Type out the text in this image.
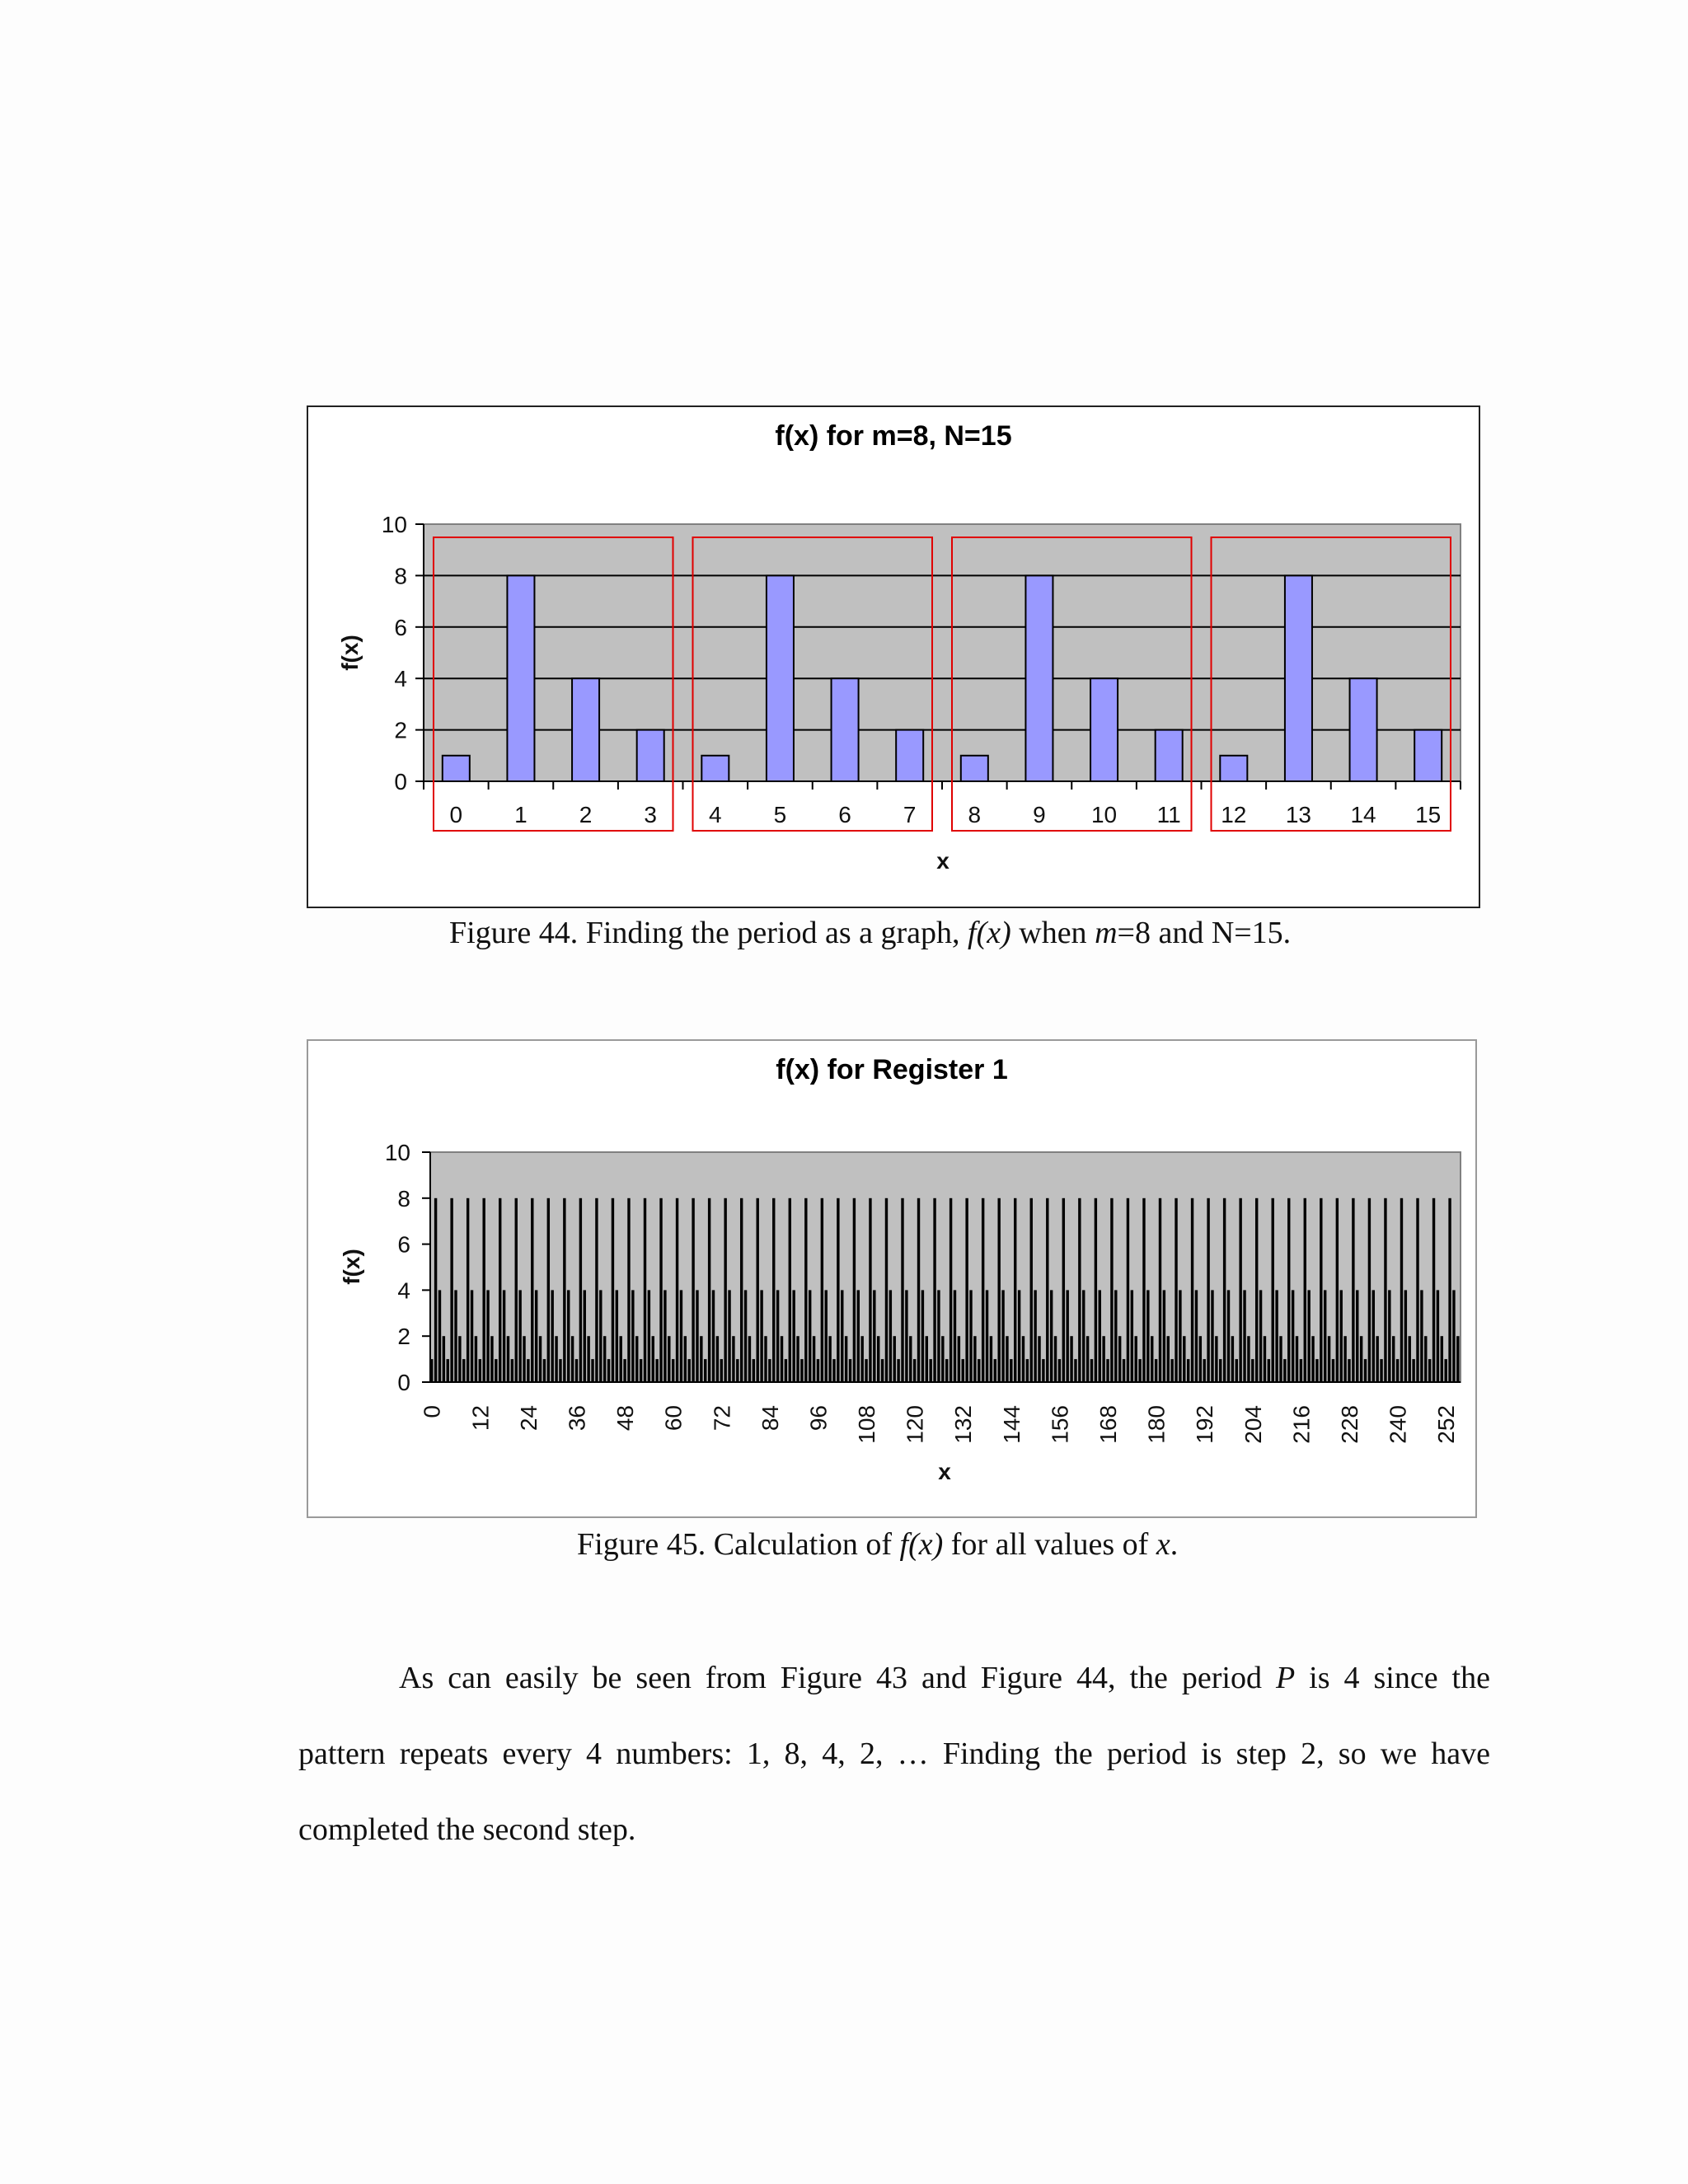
f(x) for m=8, N=15
0
2
4
6
8
10
0 1 2 3 4 5 6 7 8 9 10 11 12 13 14 15
x
f(x)
Figure 44. Finding the period as a graph, f(x) when m=8 and N=15.
f(x) for Register 1
0
2
4
6
8
10
0 12 24 36 48 60 72 84 96 108 120 132 144 156 168 180 192 204 216 228 240 252
x
f(x)
Figure 45. Calculation of f(x) for all values of x.
As can easily be seen from Figure 43 and Figure 44, the period P is 4 since the
pattern repeats every 4 numbers: 1, 8, 4, 2, … Finding the period is step 2, so we have
completed the second step.
